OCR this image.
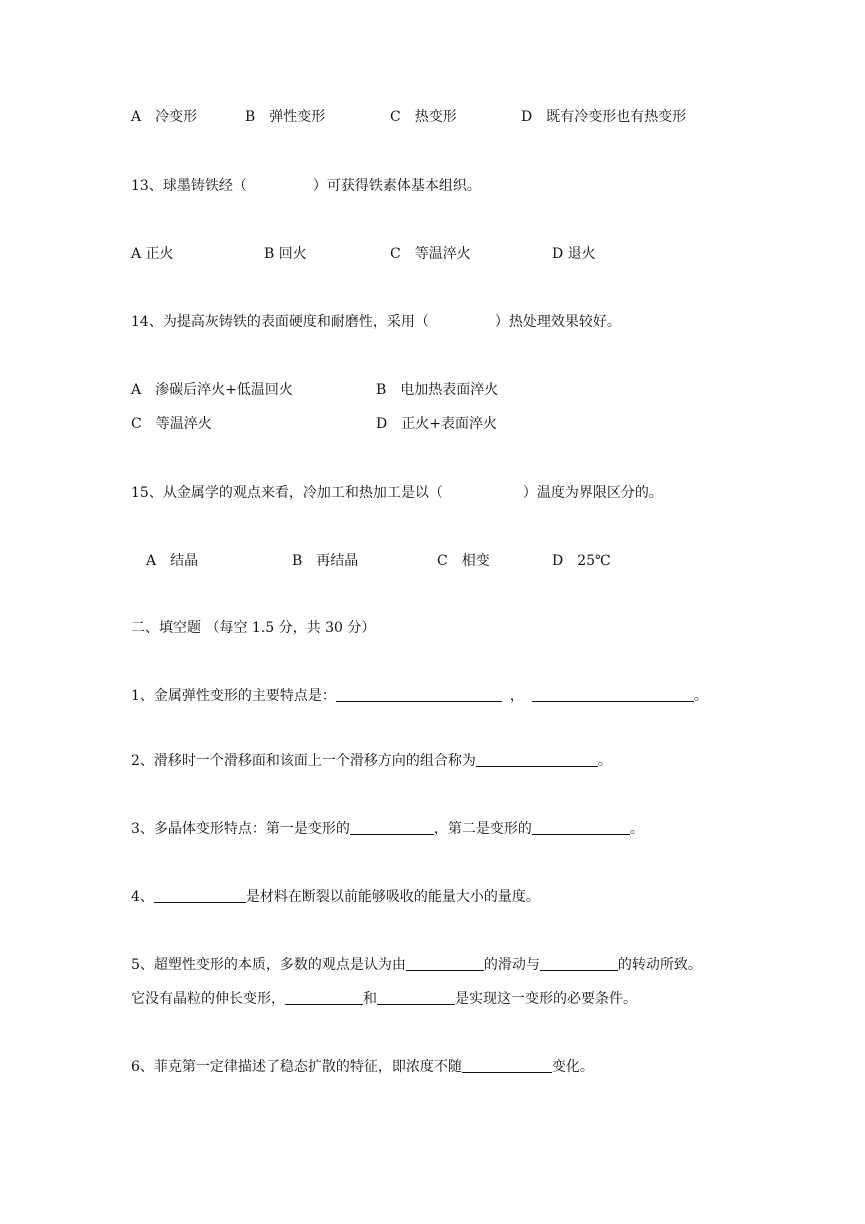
A　冷变形	B　弹性变形	C　热变形	D　既有冷变形也有热变形
13、球墨铸铁经（	）可获得铁素体基本组织。
A 正火	B 回火	C　等温淬火	D 退火
14、为提高灰铸铁的表面硬度和耐磨性，采用（	）热处理效果较好。
A　渗碳后淬火+低温回火	B　电加热表面淬火
C　等温淬火	D　正火+表面淬火
15、从金属学的观点来看，冷加工和热加工是以（	）温度为界限区分的。
A　结晶	B　再结晶	C　相变	D　25℃
二、填空题 （每空 1.5 分，共 30 分）
1、金属弹性变形的主要特点是：	，	。
2、滑移时一个滑移面和该面上一个滑移方向的组合称为	。
3、多晶体变形特点：第一是变形的	，第二是变形的	。
4、	是材料在断裂以前能够吸收的能量大小的量度。
5、超塑性变形的本质，多数的观点是认为由	的滑动与	的转动所致。
它没有晶粒的伸长变形，	和	是实现这一变形的必要条件。
6、菲克第一定律描述了稳态扩散的特征，即浓度不随	变化。
